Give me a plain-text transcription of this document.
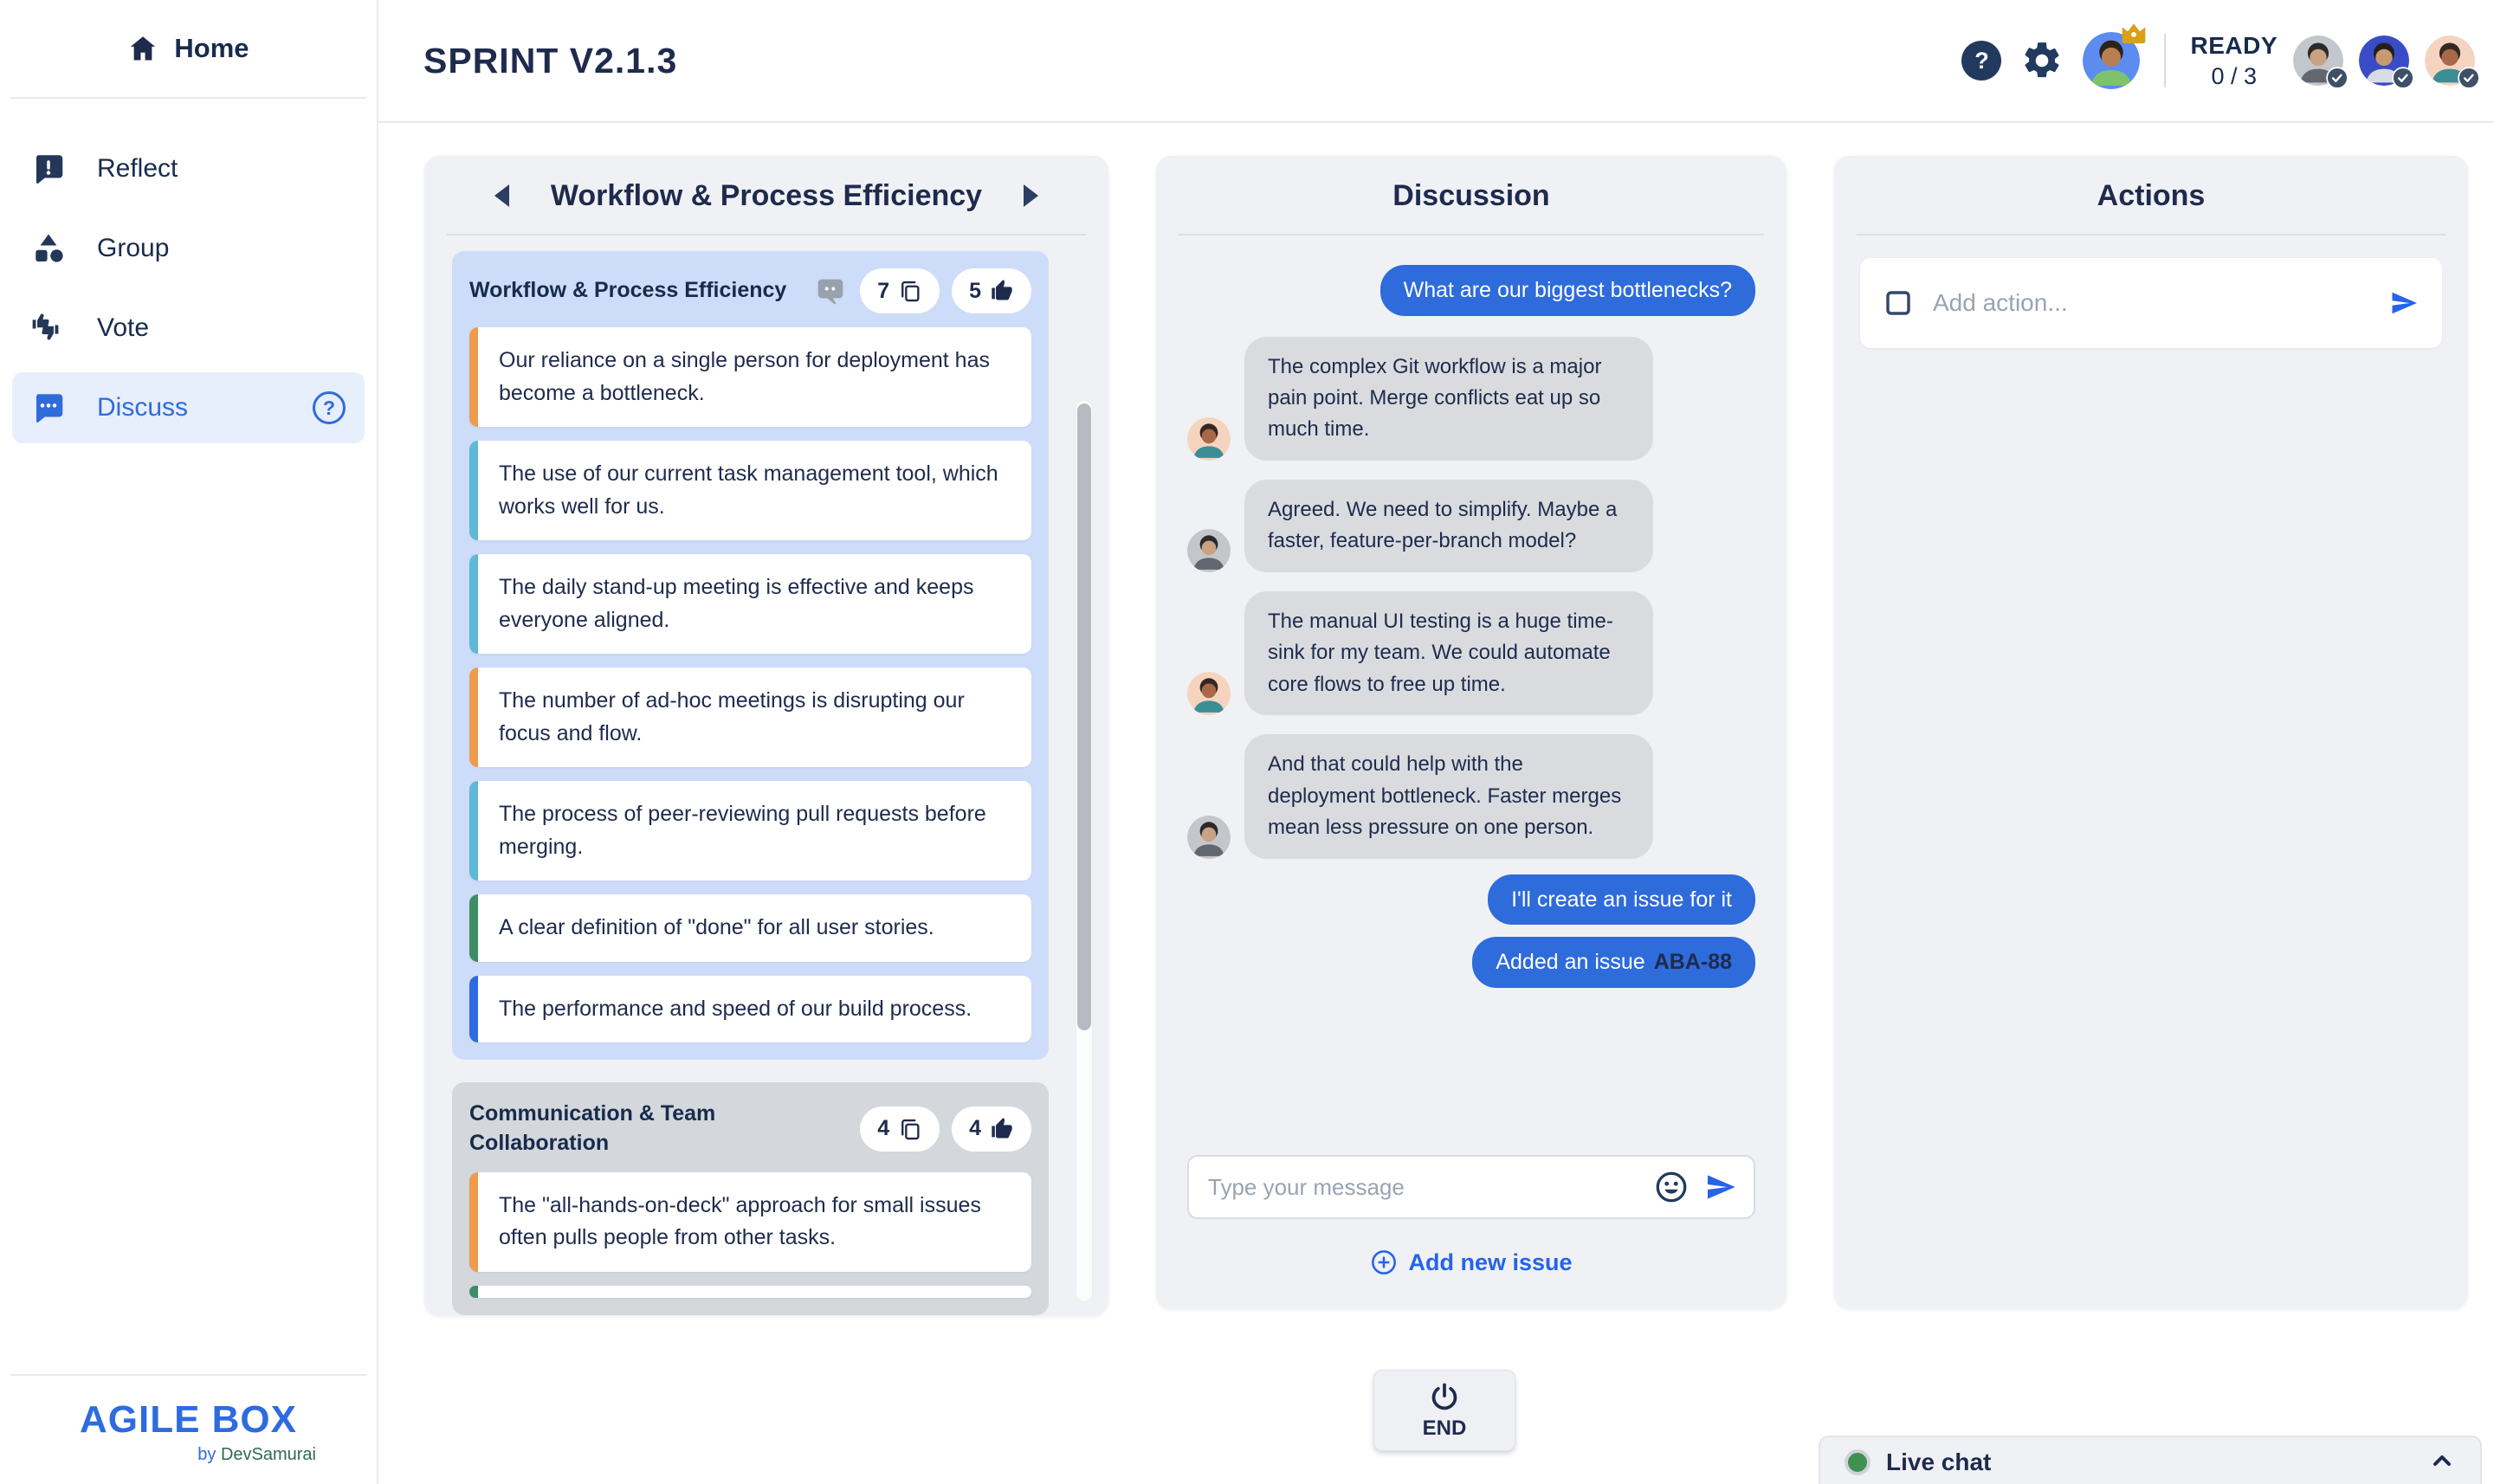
Home
Reflect
Group
Vote
Discuss	?
AGILE BOX
by DevSamurai
SPRINT V2.1.3	?
READY
0 / 3
Workflow & Process Efficiency
Workflow & Process Efficiency	7	5
Our reliance on a single person for deployment has become a bottleneck.
The use of our current task management tool, which works well for us.
The daily stand-up meeting is effective and keeps everyone aligned.
The number of ad-hoc meetings is disrupting our focus and flow.
The process of peer-reviewing pull requests before merging.
A clear definition of "done" for all user stories.
The performance and speed of our build process.
Communication & Team Collaboration
4	4
The "all-hands-on-deck" approach for small issues often pulls people from other tasks.
Discussion
What are our biggest bottlenecks?
The complex Git workflow is a major pain point. Merge conflicts eat up so much time.
Agreed. We need to simplify. Maybe a faster, feature-per-branch model?
The manual UI testing is a huge time-sink for my team. We could automate core flows to free up time.
And that could help with the deployment bottleneck. Faster merges mean less pressure on one person.
I'll create an issue for it
Added an issue ABA-88
Type your message
Add new issue
Actions
Add action...
END
Live chat
